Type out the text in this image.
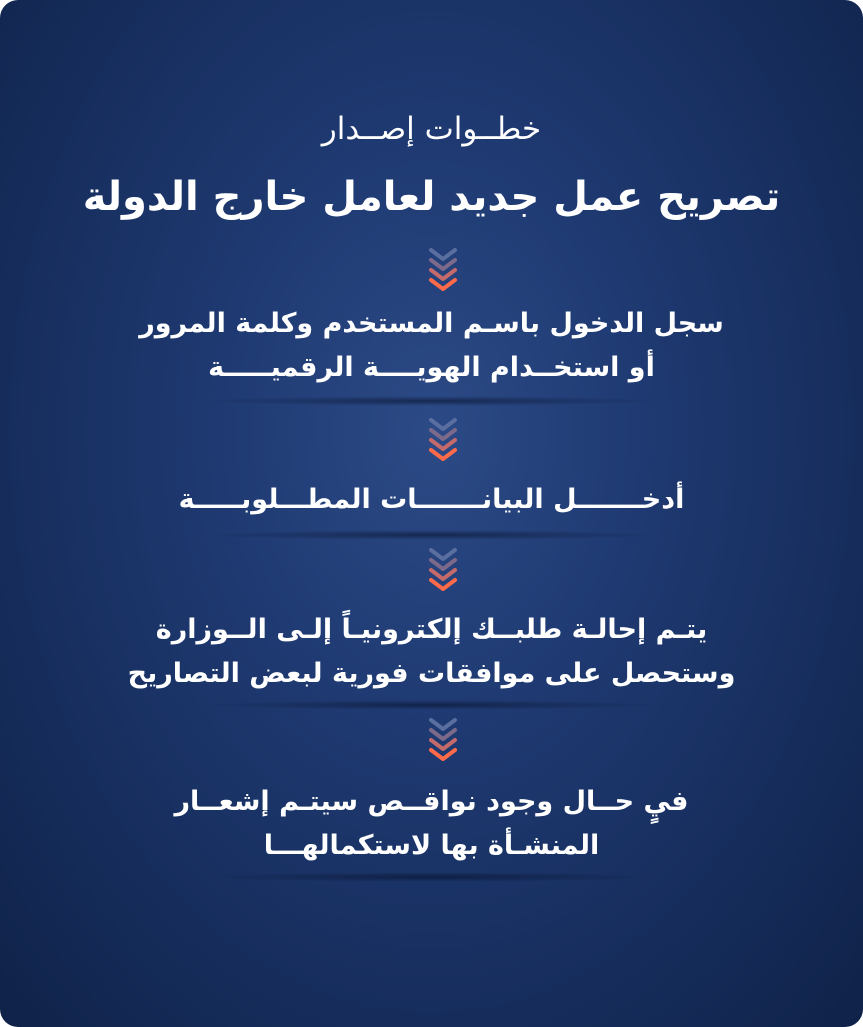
خطــوات إصــدار
تصريح عمل جديد لعامل خارج الدولة
سجل الدخول باسـم المستخدم وكلمة المرور
أو استخــدام الهويــــة الرقميـــــة
أدخـــــــل البيانـــــــات المطـــلوبـــــة
يتـم إحالـة طلبــك إلكترونيـاً إلـى الــوزارة
وستحصل على موافقات فورية لبعض التصاريح
فيٍ حــال وجود نواقــص سيتـم إشعــار
المنشـأة بها لاستكمالهـــا
